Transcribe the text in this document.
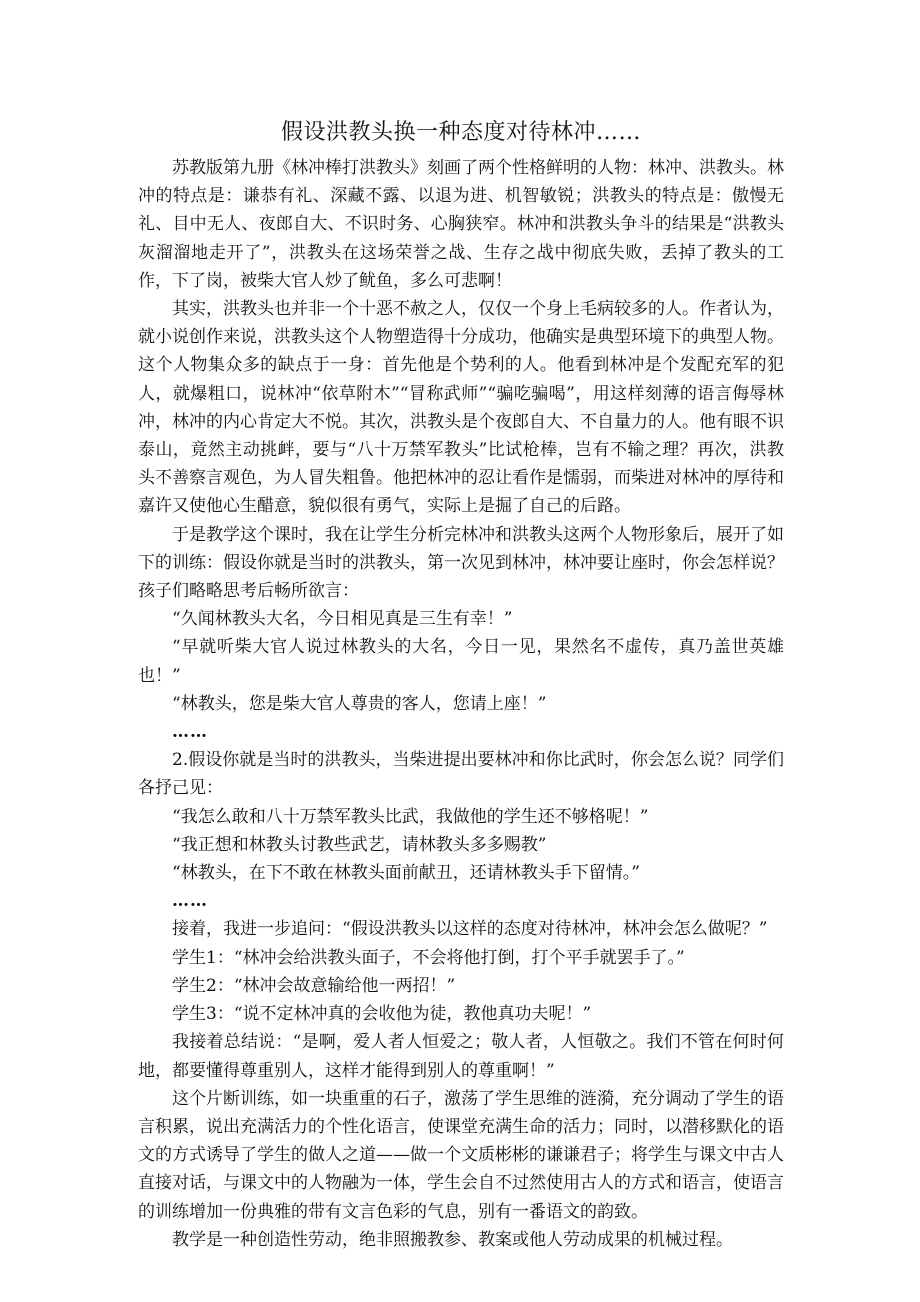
假设洪教头换一种态度对待林冲……

苏教版第九册《林冲棒打洪教头》刻画了两个性格鲜明的人物：林冲、洪教头。林冲的特点是：谦恭有礼、深藏不露、以退为进、机智敏锐；洪教头的特点是：傲慢无礼、目中无人、夜郎自大、不识时务、心胸狭窄。林冲和洪教头争斗的结果是“洪教头灰溜溜地走开了”，洪教头在这场荣誉之战、生存之战中彻底失败，丢掉了教头的工作，下了岗，被柴大官人炒了鱿鱼，多么可悲啊！

其实，洪教头也并非一个十恶不赦之人，仅仅一个身上毛病较多的人。作者认为，就小说创作来说，洪教头这个人物塑造得十分成功，他确实是典型环境下的典型人物。这个人物集众多的缺点于一身：首先他是个势利的人。他看到林冲是个发配充军的犯人，就爆粗口，说林冲“依草附木”“冒称武师”“骗吃骗喝”，用这样刻薄的语言侮辱林冲，林冲的内心肯定大不悦。其次，洪教头是个夜郎自大、不自量力的人。他有眼不识泰山，竟然主动挑衅，要与“八十万禁军教头”比试枪棒，岂有不输之理？再次，洪教头不善察言观色，为人冒失粗鲁。他把林冲的忍让看作是懦弱，而柴进对林冲的厚待和嘉许又使他心生醋意，貌似很有勇气，实际上是掘了自己的后路。

于是教学这个课时，我在让学生分析完林冲和洪教头这两个人物形象后，展开了如下的训练：假设你就是当时的洪教头，第一次见到林冲，林冲要让座时，你会怎样说？孩子们略略思考后畅所欲言：

“久闻林教头大名，今日相见真是三生有幸！”

“早就听柴大官人说过林教头的大名，今日一见，果然名不虚传，真乃盖世英雄也！”

“林教头，您是柴大官人尊贵的客人，您请上座！”

……

2.假设你就是当时的洪教头，当柴进提出要林冲和你比武时，你会怎么说？同学们各抒己见：

“我怎么敢和八十万禁军教头比武，我做他的学生还不够格呢！”

“我正想和林教头讨教些武艺，请林教头多多赐教”

“林教头，在下不敢在林教头面前献丑，还请林教头手下留情。”

……

接着，我进一步追问：“假设洪教头以这样的态度对待林冲，林冲会怎么做呢？”

学生1：“林冲会给洪教头面子，不会将他打倒，打个平手就罢手了。”

学生2：“林冲会故意输给他一两招！”

学生3：“说不定林冲真的会收他为徒，教他真功夫呢！”

我接着总结说：“是啊，爱人者人恒爱之；敬人者，人恒敬之。我们不管在何时何地，都要懂得尊重别人，这样才能得到别人的尊重啊！”

这个片断训练，如一块重重的石子，激荡了学生思维的涟漪，充分调动了学生的语言积累，说出充满活力的个性化语言，使课堂充满生命的活力；同时，以潜移默化的语文的方式诱导了学生的做人之道——做一个文质彬彬的谦谦君子；将学生与课文中古人直接对话，与课文中的人物融为一体，学生会自不过然使用古人的方式和语言，使语言的训练增加一份典雅的带有文言色彩的气息，别有一番语文的韵致。

教学是一种创造性劳动，绝非照搬教参、教案或他人劳动成果的机械过程。
